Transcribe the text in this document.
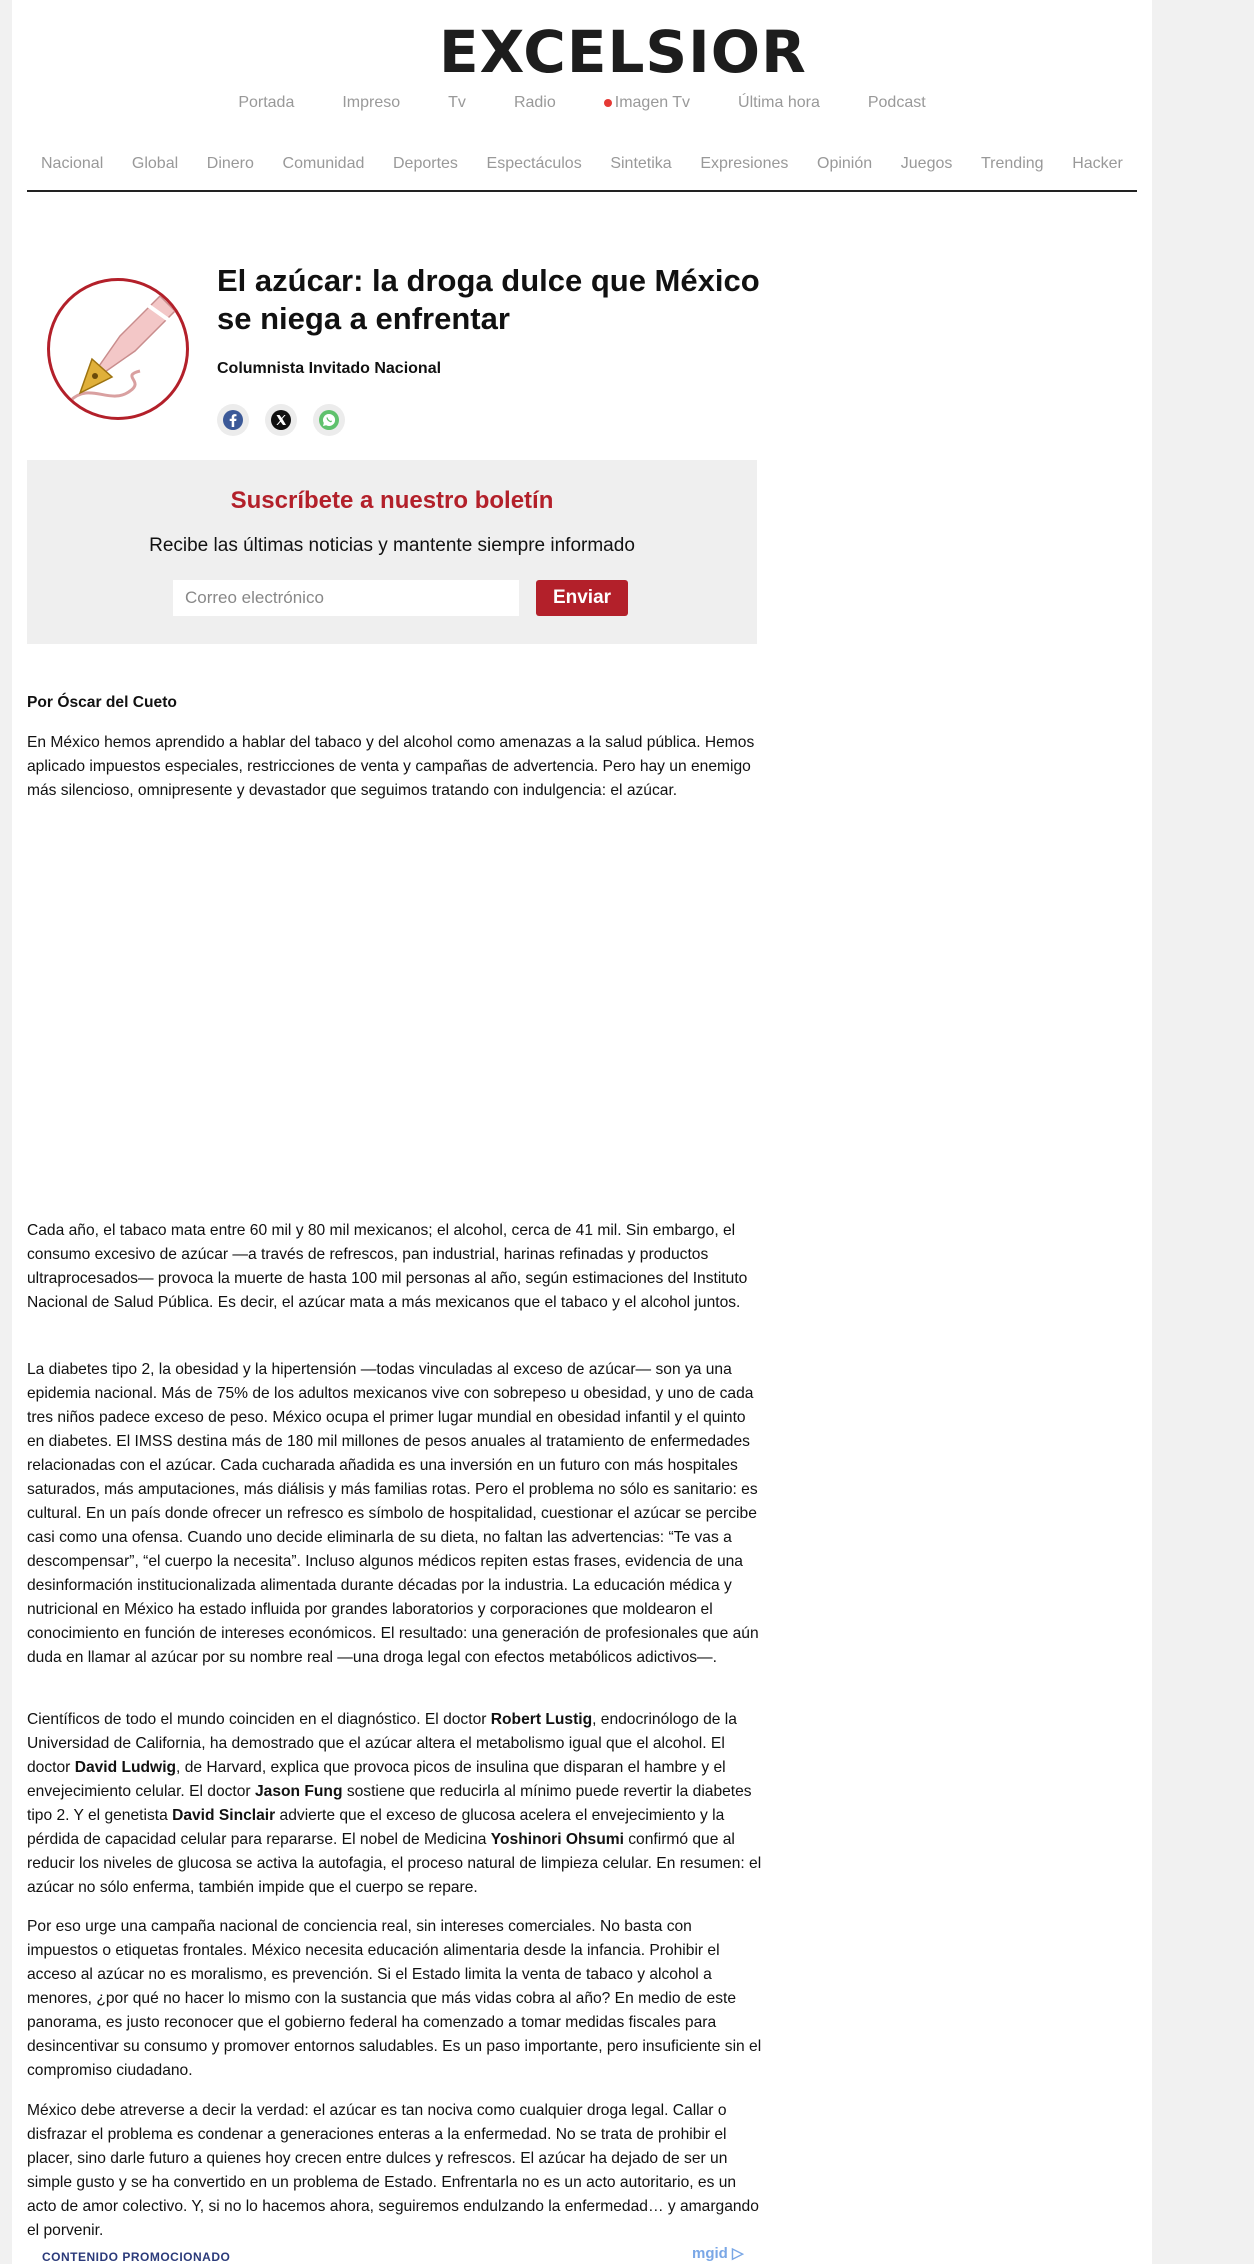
EXCELSIOR
Portada	Impreso	Tv	Radio	Imagen Tv	Última hora	Podcast
Nacional	Global	Dinero	Comunidad	Deportes	Espectáculos	Sintetika	Expresiones	Opinión	Juegos	Trending	Hacker
El azúcar: la droga dulce que México se niega a enfrentar
Columnista Invitado Nacional
Suscríbete a nuestro boletín
Recibe las últimas noticias y mantente siempre informado
Correo electrónico
Enviar

Por Óscar del Cueto

En México hemos aprendido a hablar del tabaco y del alcohol como amenazas a la salud pública. Hemos aplicado impuestos especiales, restricciones de venta y campañas de advertencia. Pero hay un enemigo más silencioso, omnipresente y devastador que seguimos tratando con indulgencia: el azúcar.

Cada año, el tabaco mata entre 60 mil y 80 mil mexicanos; el alcohol, cerca de 41 mil. Sin embargo, el consumo excesivo de azúcar —a través de refrescos, pan industrial, harinas refinadas y productos ultraprocesados— provoca la muerte de hasta 100 mil personas al año, según estimaciones del Instituto Nacional de Salud Pública. Es decir, el azúcar mata a más mexicanos que el tabaco y el alcohol juntos.

La diabetes tipo 2, la obesidad y la hipertensión —todas vinculadas al exceso de azúcar— son ya una epidemia nacional. Más de 75% de los adultos mexicanos vive con sobrepeso u obesidad, y uno de cada tres niños padece exceso de peso. México ocupa el primer lugar mundial en obesidad infantil y el quinto en diabetes. El IMSS destina más de 180 mil millones de pesos anuales al tratamiento de enfermedades relacionadas con el azúcar. Cada cucharada añadida es una inversión en un futuro con más hospitales saturados, más amputaciones, más diálisis y más familias rotas. Pero el problema no sólo es sanitario: es cultural. En un país donde ofrecer un refresco es símbolo de hospitalidad, cuestionar el azúcar se percibe casi como una ofensa. Cuando uno decide eliminarla de su dieta, no faltan las advertencias: “Te vas a descompensar”, “el cuerpo la necesita”. Incluso algunos médicos repiten estas frases, evidencia de una desinformación institucionalizada alimentada durante décadas por la industria. La educación médica y nutricional en México ha estado influida por grandes laboratorios y corporaciones que moldearon el conocimiento en función de intereses económicos. El resultado: una generación de profesionales que aún duda en llamar al azúcar por su nombre real —una droga legal con efectos metabólicos adictivos—.

Científicos de todo el mundo coinciden en el diagnóstico. El doctor Robert Lustig, endocrinólogo de la Universidad de California, ha demostrado que el azúcar altera el metabolismo igual que el alcohol. El doctor David Ludwig, de Harvard, explica que provoca picos de insulina que disparan el hambre y el envejecimiento celular. El doctor Jason Fung sostiene que reducirla al mínimo puede revertir la diabetes tipo 2. Y el genetista David Sinclair advierte que el exceso de glucosa acelera el envejecimiento y la pérdida de capacidad celular para repararse. El nobel de Medicina Yoshinori Ohsumi confirmó que al reducir los niveles de glucosa se activa la autofagia, el proceso natural de limpieza celular. En resumen: el azúcar no sólo enferma, también impide que el cuerpo se repare.

Por eso urge una campaña nacional de conciencia real, sin intereses comerciales. No basta con impuestos o etiquetas frontales. México necesita educación alimentaria desde la infancia. Prohibir el acceso al azúcar no es moralismo, es prevención. Si el Estado limita la venta de tabaco y alcohol a menores, ¿por qué no hacer lo mismo con la sustancia que más vidas cobra al año? En medio de este panorama, es justo reconocer que el gobierno federal ha comenzado a tomar medidas fiscales para desincentivar su consumo y promover entornos saludables. Es un paso importante, pero insuficiente sin el compromiso ciudadano.

México debe atreverse a decir la verdad: el azúcar es tan nociva como cualquier droga legal. Callar o disfrazar el problema es condenar a generaciones enteras a la enfermedad. No se trata de prohibir el placer, sino darle futuro a quienes hoy crecen entre dulces y refrescos. El azúcar ha dejado de ser un simple gusto y se ha convertido en un problema de Estado. Enfrentarla no es un acto autoritario, es un acto de amor colectivo. Y, si no lo hacemos ahora, seguiremos endulzando la enfermedad… y amargando el porvenir.

CONTENIDO PROMOCIONADO	mgid ▷
